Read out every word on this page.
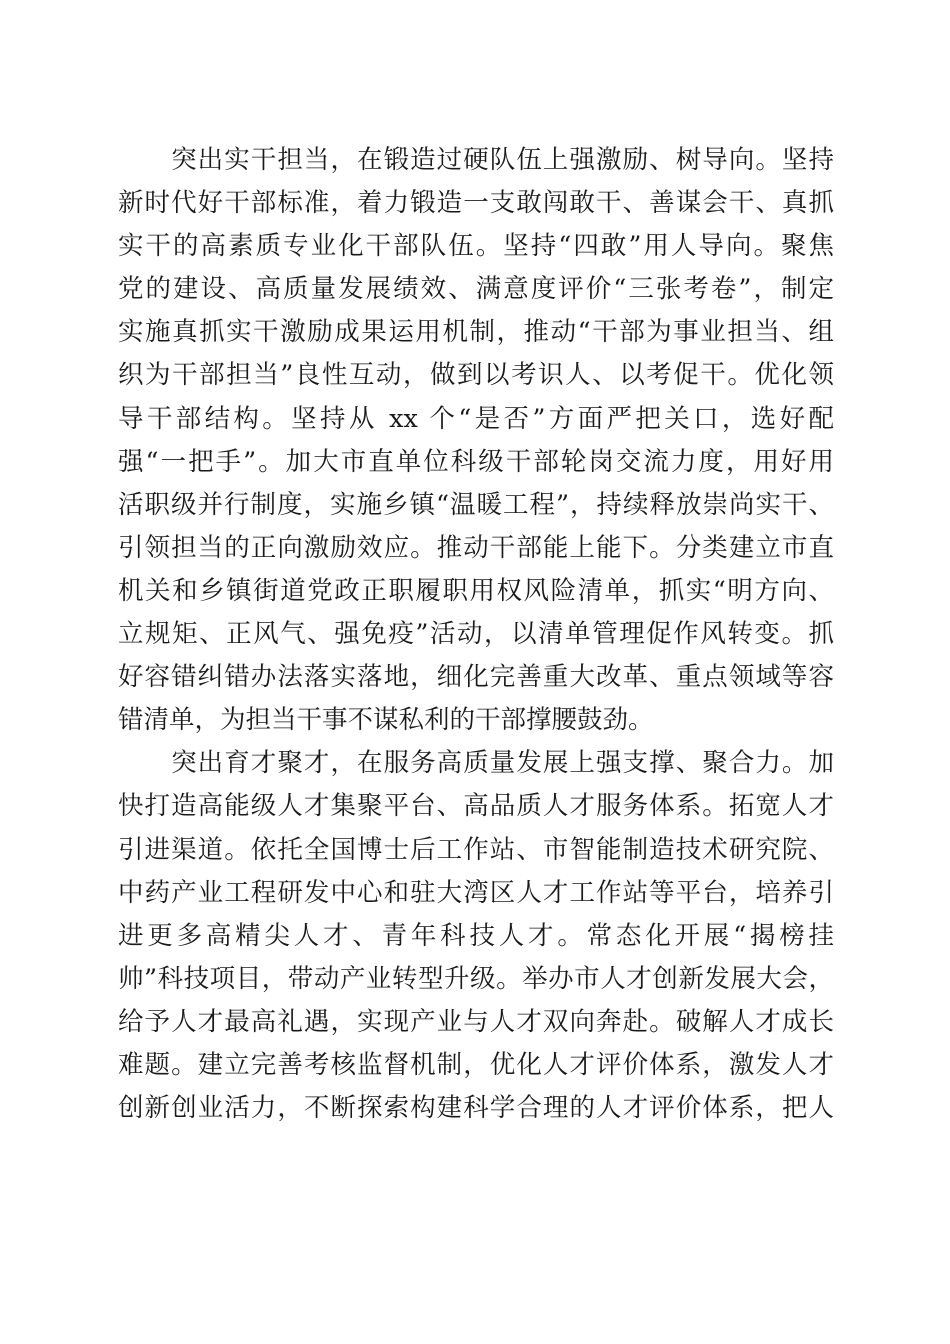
　　突出实干担当，在锻造过硬队伍上强激励、树导向。坚持
新时代好干部标准，着力锻造一支敢闯敢干、善谋会干、真抓
实干的高素质专业化干部队伍。坚持“四敢”用人导向。聚焦
党的建设、高质量发展绩效、满意度评价“三张考卷”，制定
实施真抓实干激励成果运用机制，推动“干部为事业担当、组
织为干部担当”良性互动，做到以考识人、以考促干。优化领
导干部结构。坚持从 xx 个“是否”方面严把关口，选好配
强“一把手”。加大市直单位科级干部轮岗交流力度，用好用
活职级并行制度，实施乡镇“温暖工程”，持续释放崇尚实干、
引领担当的正向激励效应。推动干部能上能下。分类建立市直
机关和乡镇街道党政正职履职用权风险清单，抓实“明方向、
立规矩、正风气、强免疫”活动，以清单管理促作风转变。抓
好容错纠错办法落实落地，细化完善重大改革、重点领域等容
错清单，为担当干事不谋私利的干部撑腰鼓劲。

　　突出育才聚才，在服务高质量发展上强支撑、聚合力。加
快打造高能级人才集聚平台、高品质人才服务体系。拓宽人才
引进渠道。依托全国博士后工作站、市智能制造技术研究院、
中药产业工程研发中心和驻大湾区人才工作站等平台，培养引
进更多高精尖人才、青年科技人才。常态化开展“揭榜挂
帅”科技项目，带动产业转型升级。举办市人才创新发展大会，
给予人才最高礼遇，实现产业与人才双向奔赴。破解人才成长
难题。建立完善考核监督机制，优化人才评价体系，激发人才
创新创业活力，不断探索构建科学合理的人才评价体系，把人
